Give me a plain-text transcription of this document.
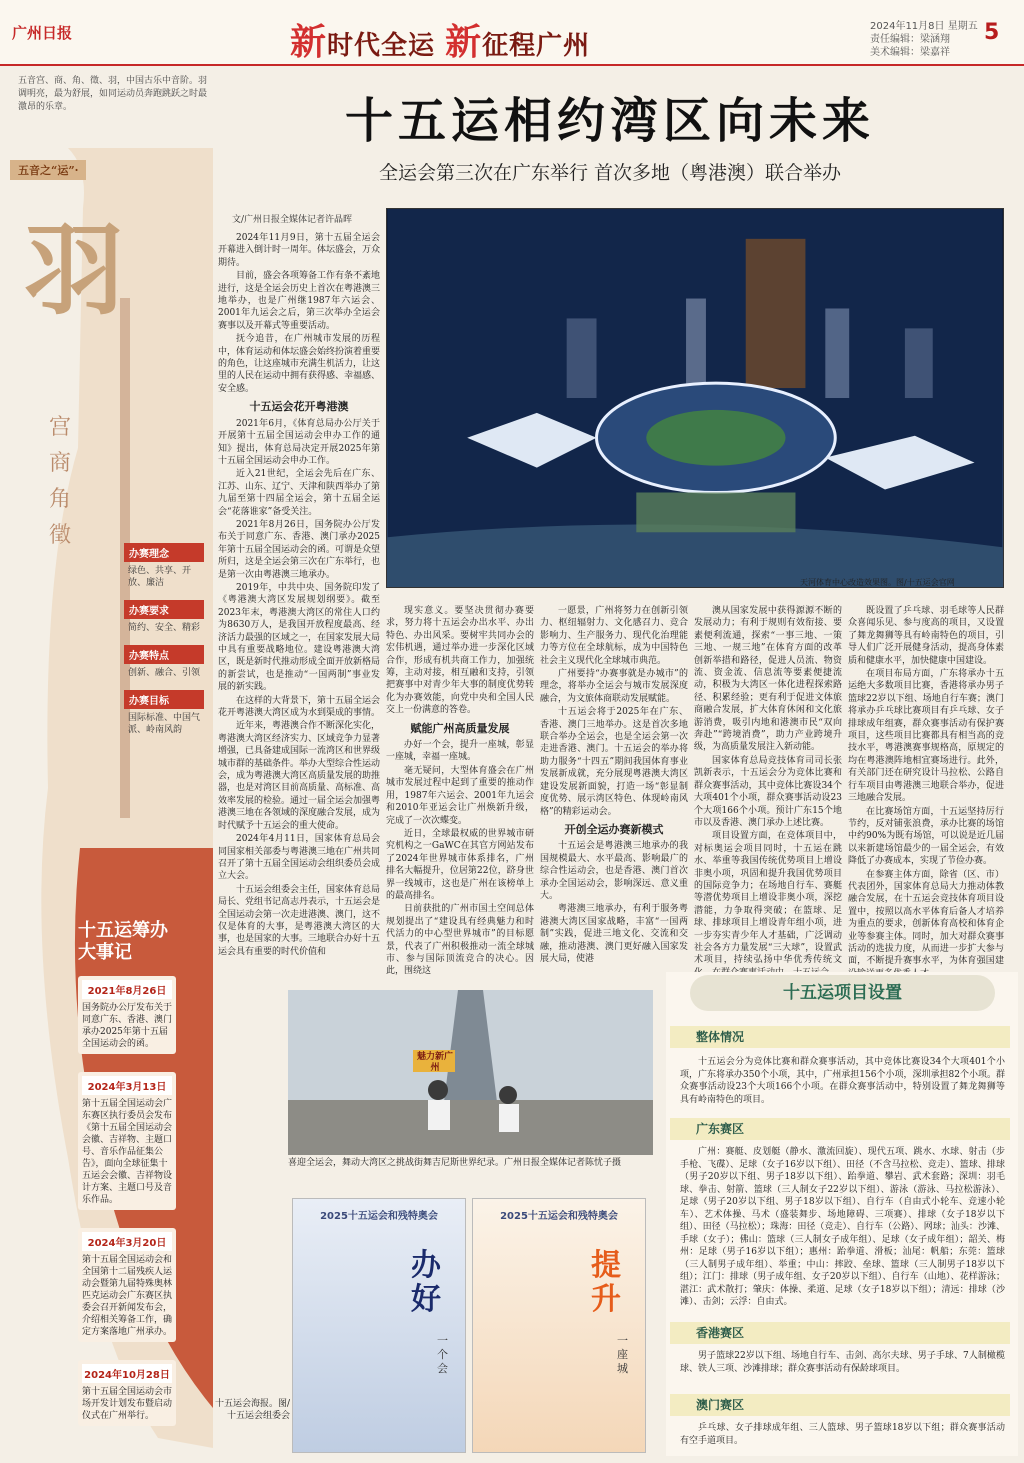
广州日报	新时代全运 新征程广州
2024年11月8日 星期五
责任编辑：梁涵翔
美术编辑：梁嘉祥
5
五音宫、商、角、徵、羽，中国古乐中音阶。羽调明亮，最为舒展，如同运动员奔跑跳跃之时最激昂的乐章。	十五运相约湾区向未来
全运会第三次在广东举行 首次多地（粤港澳）联合举办
五音之“运”·
羽
宫
商
角
徵
办赛理念
绿色、共享、开放、廉洁
办赛要求
简约、安全、精彩
办赛特点
创新、融合、引领
办赛目标
国际标准、中国气派、岭南风韵
十五运筹办大事记
2021年8月26日
国务院办公厅发布关于同意广东、香港、澳门承办2025年第十五届全国运动会的函。
2024年3月13日
第十五届全国运动会广东赛区执行委员会发布《第十五届全国运动会会徽、吉祥物、主题口号、音乐作品征集公告》，面向全球征集十五运会会徽、吉祥物设计方案、主题口号及音乐作品。
2024年3月20日
第十五届全国运动会和全国第十二届残疾人运动会暨第九届特殊奥林匹克运动会广东赛区执委会召开新闻发布会，介绍相关筹备工作，确定方案落地广州承办。
2024年10月28日
第十五届全国运动会市场开发计划发布暨启动仪式在广州举行。
文/广州日报全媒体记者许晶晖

2024年11月9日，第十五届全运会开幕进入倒计时一周年。体坛盛会，万众期待。

目前，盛会各项筹备工作有条不紊地进行，这是全运会历史上首次在粤港澳三地举办，也是广州继1987年六运会、2001年九运会之后，第三次举办全运会赛事以及开幕式等重要活动。

抚今追昔，在广州城市发展的历程中，体育运动和体坛盛会始终扮演着重要的角色，让这座城市充满生机活力，让这里的人民在运动中拥有获得感、幸福感、安全感。

十五运会花开粤港澳

2021年6月，《体育总局办公厅关于开展第十五届全国运动会申办工作的通知》提出，体育总局决定开展2025年第十五届全国运动会申办工作。

近入21世纪，全运会先后在广东、江苏、山东、辽宁、天津和陕西举办了第九届至第十四届全运会，第十五届全运会“花落谁家”备受关注。

2021年8月26日，国务院办公厅发布关于同意广东、香港、澳门承办2025年第十五届全国运动会的函。可谓是众望所归，这是全运会第三次在广东举行，也是第一次由粤港澳三地承办。

2019年，中共中央、国务院印发了《粤港澳大湾区发展规划纲要》。截至2023年末，粤港澳大湾区的常住人口约为8630万人，是我国开放程度最高、经济活力最强的区域之一，在国家发展大局中具有重要战略地位。建设粤港澳大湾区，既是新时代推动形成全面开放新格局的新尝试，也是推动“一国两制”事业发展的新实践。

在这样的大背景下，第十五届全运会花开粤港澳大湾区成为水到渠成的事情。

近年来，粤港澳合作不断深化实化，粤港澳大湾区经济实力、区域竞争力显著增强，已具备建成国际一流湾区和世界级城市群的基础条件。举办大型综合性运动会，成为粤港澳大湾区高质量发展的助推器，也是对湾区目前高质量、高标准、高效率发展的检验。通过一届全运会加强粤港澳三地在各领域的深度融合发展，成为时代赋予十五运会的重大使命。

2024年4月11日，国家体育总局会同国家相关部委与粤港澳三地在广州共同召开了第十五届全国运动会组织委员会成立大会。

十五运会组委会主任，国家体育总局局长、党组书记高志丹表示，十五运会是全国运动会第一次走进港澳、澳门，这不仅是体育的大事，是粤港澳大湾区的大事，也是国家的大事。三地联合办好十五运会具有重要的时代价值和

现实意义。要坚决贯彻办赛要求，努力将十五运会办出水平、办出特色、办出风采。要树牢共同办会的宏伟机遇，通过举办进一步深化区域合作，形成有机共商工作力，加强统筹，主动对接，相互融和支持，引领把赛事中对青少年大事的制度优势转化为办赛效能，向党中央和全国人民交上一份满意的答卷。

赋能广州高质量发展

办好一个会，提升一座城，彰显一座城，幸福一座城。

毫无疑问，大型体育盛会在广州城市发展过程中起到了重要的推动作用，1987年六运会、2001年九运会和2010年亚运会让广州焕新升级，完成了一次次蝶变。

近日，全球最权威的世界城市研究机构之一GaWC在其官方网站发布了2024年世界城市体系排名，广州排名大幅提升，位居第22位，跻身世界一线城市，这也是广州在该榜单上的最高排名。

日前获批的广州市国土空间总体规划提出了“建设具有经典魅力和时代活力的中心型世界城市”的目标愿景，代表了广州积极推动一流全球城市、参与国际顶流竞合的决心。因此，围绕这

一愿景，广州将努力在创新引领力、枢纽辐射力、文化感召力、竞合影响力、生产服务力、现代化治理能力等方位在全球航标，成为中国特色社会主义现代化全球城市典范。

广州要持“办赛事就是办城市”的理念，将举办全运会与城市发展深度融合，为文旅体商联动发展赋能。

十五运会将于2025年在广东、香港、澳门三地举办。这是首次多地联合举办全运会，也是全运会第一次走进香港、澳门。十五运会的举办将助力服务“十四五”期间我国体育事业发展新成就，充分展现粤港澳大湾区建设发展新面貌，打造一场“彰显制度优势、展示湾区特色、体现岭南风格”的精彩运动会。

开创全运办赛新模式

十五运会是粤港澳三地承办的我国规模最大、水平最高、影响最广的综合性运动会，也是香港、澳门首次承办全国运动会，影响深远、意义重大。

粤港澳三地承办，有利于服务粤港澳大湾区国家战略，丰富“一国两制”实践，促进三地文化、交流和交融，推动港澳、澳门更好融入国家发展大局，使港

澳从国家发展中获得源源不断的发展动力；有利于规则有效衔接、要素便利流通，探索“一事三地、一策三地、一规三地”在体育方面的改革创新举措和路径，促进人员流、物资流、资金流、信息流等要素便捷流动，积极为大湾区一体化进程探索路径、积累经验；更有利于促进文体旅商融合发展，扩大体育休闲和文化旅游消费，吸引内地和港澳市民“双向奔赴”“跨境消费”，助力产业跨境升级，为高质量发展注入新动能。

国家体育总局竞技体育司司长张凯新表示，十五运会分为竞体比赛和群众赛事活动，其中竞体比赛设34个大项401个小项，群众赛事活动设23个大项166个小项。预计广东15个地市以及香港、澳门承办上述比赛。

项目设置方面，在竞体项目中，对标奥运会项目同时，十五运在跳水、举重等我国传统优势项目上增设非奥小项，巩固和提升我国优势项目的国际竞争力；在场地自行车、赛艇等潜优势项目上增设非奥小项，深挖潜能，力争取得突破；在篮球、足球、排球项目上增设青年组小项，进一步夯实青少年人才基础，广泛调动社会各方力量发展“三大球”，设置武术项目，持续弘扬中华优秀传统文

既设置了乒乓球、羽毛球等人民群众喜闻乐见、参与度高的项目，又设置了舞龙舞狮等具有岭南特色的项目，引导人们广泛开展健身活动，提高身体素质和健康水平，加快健康中国建设。

在项目布局方面，广东将承办十五运绝大多数项目比赛，香港将承办男子篮球22岁以下组、场地自行车赛；澳门将承办乒乓球比赛项目有乒乓球、女子排球成年组赛，群众赛事活动有保护赛项目，这些项目比赛都具有相当高的竞技水平，粤港澳赛事规格高，原规定的均在粤港澳阵地相宜赛场进行。此外，有关部门还在研究设计马拉松、公路自行车项目由粤港澳三地联合举办，促进三地融合发展。

在比赛场馆方面，十五运坚持厉行节约，反对铺张浪费，承办比赛的场馆中约90%为既有场馆，可以说是近几届以来新建场馆最少的一届全运会，有效降低了办赛成本，实现了节俭办赛。

在参赛主体方面，除省（区、市）代表团外，国家体育总局大力推动体教融合发展，在十五运会竞技体育项目设置中，按照以高水平体育后备人才培养为重点的要求，创新体育高校和体育企业等参赛主体。同时，加大对群众赛事活动的选拔力度，从而进一步扩大参与面，不断提升赛事水平，为体育强国建

天河体育中心改造效果图。图/十五运会官网
魅力新广州
喜迎全运会，舞动大湾区之挑战街舞吉尼斯世界纪录。广州日报全媒体记者陈忧子摄
2025十五运会和残特奥会
办好
一个会
2025十五运会和残特奥会
提升
一座城
十五运会海报。图/十五运会组委会
十五运项目设置
整体情况
十五运会分为竞体比赛和群众赛事活动，其中竞体比赛设34个大项401个小项，广东将承办350个小项，其中，广州承担156个小项，深圳承担82个小项。群众赛事活动设23个大项166个小项。在群众赛事活动中，特别设置了舞龙舞狮等具有岭南特色的项目。
广东赛区
广州：赛艇、皮划艇（静水、激流回旋）、现代五项、跳水、水球、射击（步手枪、飞碟）、足球（女子16岁以下组）、田径（不含马拉松、竞走）、篮球、排球（男子20岁以下组、男子18岁以下组）、跆拳道、攀岩、武术套路；深圳：羽毛球、拳击、射箭、篮球（三人制女子22岁以下组）、游泳（游泳、马拉松游泳）、足球（男子20岁以下组、男子18岁以下组）、自行车（自由式小轮车、竞速小轮车）、艺术体操、马术（盛装舞步、场地障碍、三项赛）、排球（女子18岁以下组）、田径（马拉松）；珠海：田径（竞走）、自行车（公路）、网球；汕头：沙滩、手球（女子）；佛山：篮球（三人制女子成年组）、足球（女子成年组）；韶关、梅州：足球（男子16岁以下组）；惠州：跆拳道、滑板；汕尾：帆船；东莞：篮球（三人制男子成年组）、举重；中山：摔跤、垒球、篮球（三人制男子18岁以下组）；江门：排球（男子成年组、女子20岁以下组）、自行车（山地）、花样游泳；湛江：武术散打；肇庆：体操、柔道、足球（女子18岁以下组）；清远：排球（沙滩）、击剑；云浮：自由式。
香港赛区
男子篮球22岁以下组、场地自行车、击剑、高尔夫球、男子手球、7人制橄榄球、铁人三项、沙滩排球；群众赛事活动有保龄球项目。
澳门赛区
乒乓球、女子排球成年组、三人篮球、男子篮球18岁以下组；群众赛事活动有空手道项目。
